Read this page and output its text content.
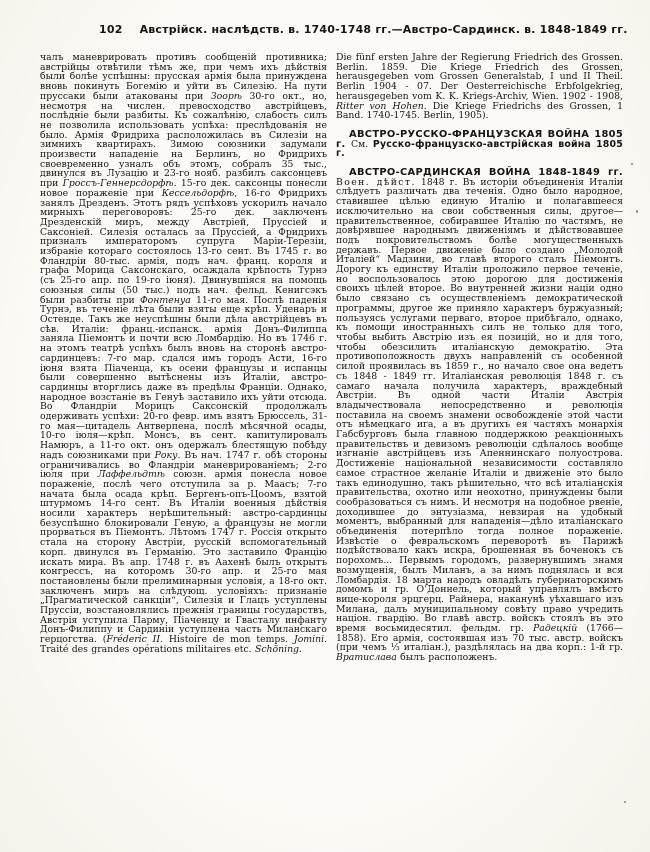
102 Австрійск. наслѣдств. в. 1740-1748 гг.—Австро-Сардинск. в. 1848-1849 гг.

чалъ маневрировать противъ сообщеній противника; австрійцы отвѣтили тѣмъ же, при чемъ ихъ дѣйствія были болѣе успѣшны: прусская армія была принуждена вновь покинуть Богемію и уйти въ Силезію. На пути пруссаки были атакованы при Зоорѣ 30-го окт., но, несмотря на числен. превосходство австрійцевъ, послѣдніе были разбиты. Къ сожалѣнію, слабость силъ не позволила использовать успѣха: преслѣдованія не было. Армія Фридриха расположилась въ Силезіи на зимнихъ квартирахъ. Зимою союзники задумали произвести нападеніе на Берлинъ, но Фридрихъ своевременно узналъ объ этомъ, собралъ 35 тыс., двинулся въ Лузацію и 23-го нояб. разбилъ саксонцевъ при Гроссъ-Геннерсдорфѣ. 15-го дек. саксонцы понесли новое пораженіе при Кессельдорфѣ, 16-го Фридрихъ занялъ Дрезденъ. Этотъ рядъ успѣховъ ускорилъ начало мирныхъ переговоровъ: 25-го дек. заключенъ Дрезденскій миръ, между Австріей, Пруссіей и Саксоніей. Силезія осталась за Пруссіей, а Фридрихъ призналъ императоромъ супруга Маріи-Терезіи, избраніе котораго состоялось 13-го сент. Въ 1745 г. во Фландріи 80-тыс. армія, подъ нач. франц. короля и графа Морица Саксонскаго, осаждала крѣпость Турнэ (съ 25-го апр. по 19-го іюня). Двинувшіяся на помощь союзныя силы (50 тыс.) подъ нач. фельд. Кенигсэкъ были разбиты при Фонтенуа 11-го мая. Послѣ паденія Турнэ, въ теченіе лѣта были взяты еще крѣп. Уденаръ и Остенде. Такъ же неуспѣшны были дѣла австрійцевъ въ сѣв. Италіи: франц.-испанск. армія Донъ-Филиппа заняла Піемонтъ и почти всю Ломбардію. Но въ 1746 г. на этомъ театрѣ успѣхъ былъ вновь на сторонѣ австро-сардинцевъ: 7-го мар. сдался имъ городъ Асти, 16-го іюня взята Піаченца, къ осени французы и испанцы были совершенно вытѣснены изъ Италіи, австро-сардинцы вторглись даже въ предѣлы Франціи. Однако, народное возстаніе въ Генуѣ заставило ихъ уйти отсюда. Во Фландріи Морицъ Саксонскій продолжалъ одерживать успѣхи: 20-го февр. имъ взятъ Брюссель, 31-го мая—цитадель Антверпена, послѣ мѣсячной осады, 10-го іюля—крѣп. Монсъ, въ сент. капитулировалъ Намюръ, а 11-го окт. онъ одержалъ блестящую побѣду надъ союзниками при Року. Въ нач. 1747 г. обѣ стороны ограничивались во Фландріи маневрированіемъ; 2-го іюля при Лаффельдтѣ союзн. армія понесла новое пораженіе, послѣ чего отступила за р. Маасъ; 7-го начата была осада крѣп. Бергенъ-опъ-Цоомъ, взятой штурмомъ 14-го сент. Въ Италіи военныя дѣйствія носили характеръ нерѣшительный: австро-сардинцы безуспѣшно блокировали Геную, а французы не могли прорваться въ Піемонтъ. Лѣтомъ 1747 г. Россія открыто стала на сторону Австріи, русскій вспомогательный корп. двинулся въ Германію. Это заставило Францію искать мира. Въ апр. 1748 г. въ Аахенѣ былъ открытъ конгрессъ, на которомъ 30-го апр. и 25-го мая постановлены были прелиминарныя условія, а 18-го окт. заключенъ миръ на слѣдующ. условіяхъ: признаніе „Прагматической санкціи“, Силезія и Глацъ уступлены Пруссіи, возстановлялись прежнія границы государствъ, Австрія уступила Парму, Піаченцу и Гвасталу инфанту Донъ-Филиппу и Сардиніи уступлена часть Миланскаго герцогства. (Fréderic II. Histoire de mon temps. Jomini. Traité des grandes opérations militaires etc. Schöning.

Die fünf ersten Jahre der Regierung Friedrich des Grossen. Berlin. 1859. Die Kriege Friedrich des Grossen, herausgegeben vom Grossen Generalstab, I und II Theil. Berlin 1904 - 07. Der Oesterreichische Erbfolgekrieg, herausgegeben vom K. K. Kriegs-Archiv, Wien. 1902 - 1908, Ritter von Hohen. Die Kriege Friedrichs des Grossen, 1 Band. 1740-1745. Berlin, 1905).

АВСТРО-РУССКО-ФРАНЦУЗСКАЯ ВОЙНА 1805 г. См. Русско-французско-австрійская война 1805 г.

АВСТРО-САРДИНСКАЯ ВОЙНА 1848-1849 гг. Воен. дѣйст. 1848 г. Въ исторіи объединенія Италіи слѣдуетъ различать два теченія. Одно было народное, ставившее цѣлью единую Италію и полагавшееся исключительно на свои собственныя силы, другое—правительственное, собиравшее Италію по частямъ, не довѣрявшее народнымъ движеніямъ и дѣйствовавшее подъ покровительствомъ болѣе могущественныхъ державъ. Первое движеніе было создано „Молодой Италіей“ Мадзини, во главѣ второго сталъ Піемонтъ. Дорогу къ единству Италіи проложило первое теченіе, но воспользовалось этою дорогою для достиженія своихъ цѣлей второе. Во внутренней жизни націи одно было связано съ осуществленіемъ демократической программы, другое же приняло характеръ буржуазный; пользуясь услугами перваго, второе прибѣгало, однако, къ помощи иностранныхъ силъ не только для того, чтобы выбить Австрію изъ ея позицій, но и для того, чтобы обезсилить италіанскую демократію. Эта противоположность двухъ направленій съ особенной силой проявилась въ 1859 г., но начало свое она ведетъ съ 1848 - 1849 гг. Италіанская революція 1848 г. съ самаго начала получила характеръ, враждебный Австріи. Въ одной части Италіи Австрія владычествовала непосредственно и революція поставила на своемъ знамени освобожденіе этой части отъ нѣмецкаго ига, а въ другихъ ея частяхъ монархія Габсбурговъ была главною поддержкою реакціонныхъ правительствъ и девизомъ революціи сдѣлалось вообще изгнаніе австрійцевъ изъ Апеннинскаго полуострова. Достиженіе національной независимости составляло самое страстное желаніе Италіи и движеніе это было такъ единодушно, такъ рѣшительно, что всѣ италіанскія правительства, охотно или неохотно, принуждены были сообразоваться съ нимъ. И несмотря на подобное рвеніе, доходившее до энтузіазма, невзирая на удобный моментъ, выбранный для нападенія—дѣло италіанскаго объединенія потерпѣло тогда полное пораженіе. Извѣстіе о февральскомъ переворотѣ въ Парижѣ подѣйствовало какъ искра, брошенная въ боченокъ съ порохомъ... Первымъ городомъ, развернувшимъ знамя возмущенія, былъ Миланъ, а за нимъ поднялась и вся Ломбардія. 18 марта народъ овладѣлъ губернаторскимъ домомъ и гр. О’Доннель, который управлялъ вмѣсто вице-короля эрцгерц. Райнера, наканунѣ уѣхавшаго изъ Милана, далъ муниципальному совѣту право учредить націон. гвардію. Во главѣ австр. войскъ стоялъ въ это время восьмидесятил. фельдм. гр. Радецкій (1766—1858). Его армія, состоявшая изъ 70 тыс. австр. войскъ (при чемъ ⅓ италіан.), раздѣлялась на два корп.: 1-й гр. Вратислава былъ расположенъ.
